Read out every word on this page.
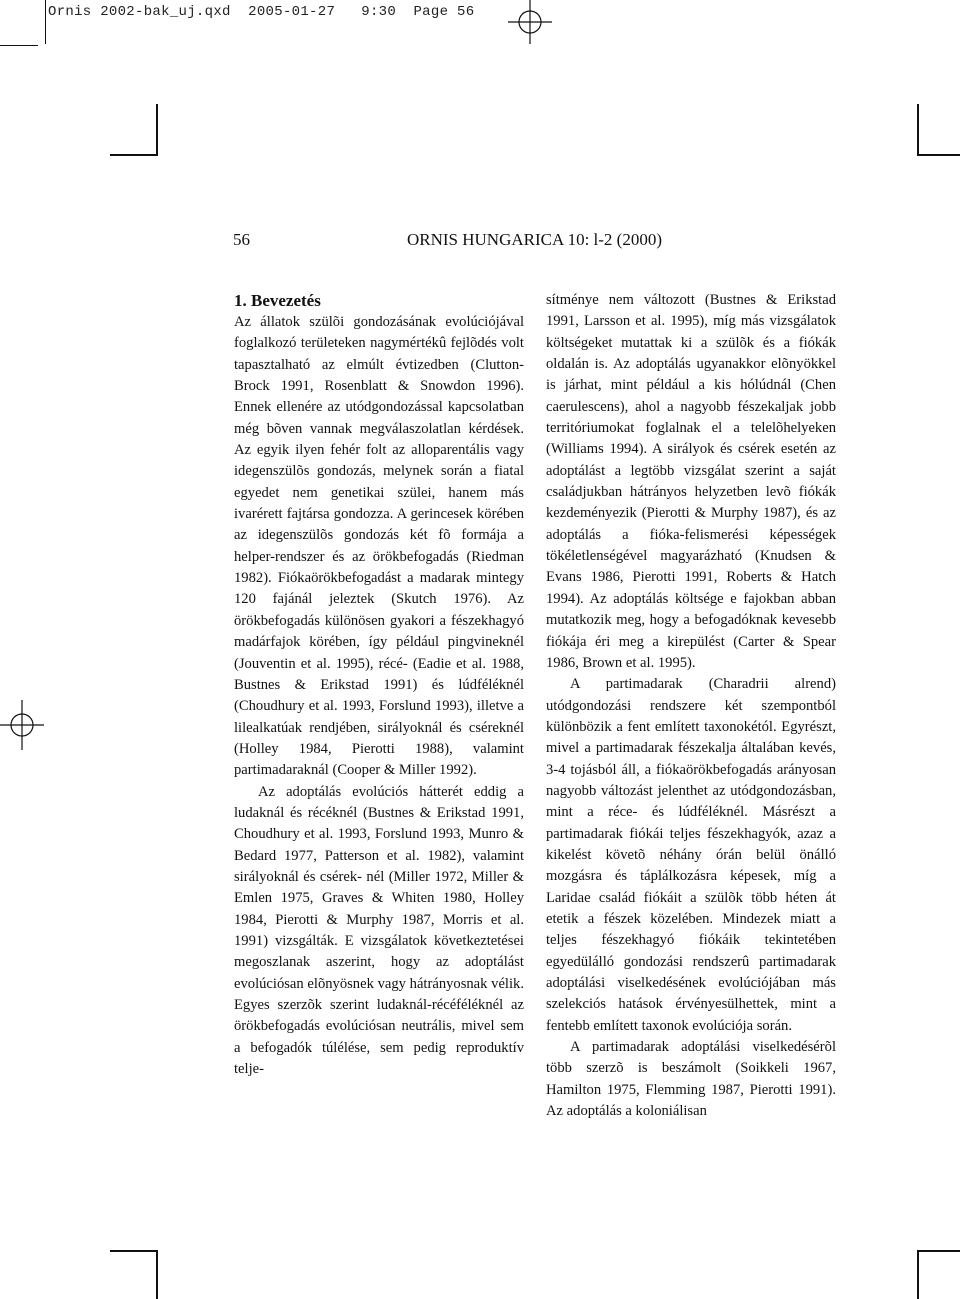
Ornis 2002-bak_uj.qxd 2005-01-27 9:30 Page 56
56	ORNIS HUNGARICA 10: l-2 (2000)

1. Bevezetés

Az állatok szülõi gondozásának evolúciójával foglalkozó területeken nagymértékû fejlõdés volt tapasztalható az elmúlt évtizedben (Clutton-Brock 1991, Rosenblatt & Snowdon 1996). Ennek ellenére az utódgondozással kapcsolatban még bõven vannak megválaszolatlan kérdések. Az egyik ilyen fehér folt az alloparentális vagy idegenszülõs gondozás, melynek során a fiatal egyedet nem genetikai szülei, hanem más ivarérett fajtársa gondozza. A gerincesek körében az idegenszülõs gondozás két fõ formája a helper-rendszer és az örökbefogadás (Riedman 1982). Fiókaörökbefogadást a madarak mintegy 120 fajánál jeleztek (Skutch 1976). Az örökbefogadás különösen gyakori a fészekhagyó madárfajok körében, így például pingvineknél (Jouventin et al. 1995), récé- (Eadie et al. 1988, Bustnes & Erikstad 1991) és lúdféléknél (Choudhury et al. 1993, Forslund 1993), illetve a lilealkatúak rendjében, sirályoknál és cséreknél (Holley 1984, Pierotti 1988), valamint partimadaraknál (Cooper & Miller 1992).

Az adoptálás evolúciós hátterét eddig a ludaknál és récéknél (Bustnes & Erikstad 1991, Choudhury et al. 1993, Forslund 1993, Munro & Bedard 1977, Patterson et al. 1982), valamint sirályoknál és csérek- nél (Miller 1972, Miller & Emlen 1975, Graves & Whiten 1980, Holley 1984, Pierotti & Murphy 1987, Morris et al. 1991) vizsgálták. E vizsgálatok következtetései megoszlanak aszerint, hogy az adoptálást evolúciósan elõnyösnek vagy hátrányosnak vélik. Egyes szerzõk szerint ludaknál-récéféléknél az örökbefogadás evolúciósan neutrális, mivel sem a befogadók túlélése, sem pedig reproduktív telje-

sítménye nem változott (Bustnes & Erikstad 1991, Larsson et al. 1995), míg más vizsgálatok költségeket mutattak ki a szülõk és a fiókák oldalán is. Az adoptálás ugyanakkor elõnyökkel is járhat, mint például a kis hólúdnál (Chen caerulescens), ahol a nagyobb fészekaljak jobb territóriumokat foglalnak el a telelõhelyeken (Williams 1994). A sirályok és csérek esetén az adoptálást a legtöbb vizsgálat szerint a saját családjukban hátrányos helyzetben levõ fiókák kezdeményezik (Pierotti & Murphy 1987), és az adoptálás a fióka-felismerési képességek tökéletlenségével magyarázható (Knudsen & Evans 1986, Pierotti 1991, Roberts & Hatch 1994). Az adoptálás költsége e fajokban abban mutatkozik meg, hogy a befogadóknak kevesebb fiókája éri meg a kirepülést (Carter & Spear 1986, Brown et al. 1995).

A partimadarak (Charadrii alrend) utódgondozási rendszere két szempontból különbözik a fent említett taxonokétól. Egyrészt, mivel a partimadarak fészekalja általában kevés, 3-4 tojásból áll, a fiókaörökbefogadás arányosan nagyobb változást jelenthet az utódgondozásban, mint a réce- és lúdféléknél. Másrészt a partimadarak fiókái teljes fészekhagyók, azaz a kikelést követõ néhány órán belül önálló mozgásra és táplálkozásra képesek, míg a Laridae család fiókáit a szülõk több héten át etetik a fészek közelében. Mindezek miatt a teljes fészekhagyó fiókáik tekintetében egyedülálló gondozási rendszerû partimadarak adoptálási viselkedésének evolúciójában más szelekciós hatások érvényesülhettek, mint a fentebb említett taxonok evolúciója során.

A partimadarak adoptálási viselkedésérõl több szerzõ is beszámolt (Soikkeli 1967, Hamilton 1975, Flemming 1987, Pierotti 1991). Az adoptálás a koloniálisan
